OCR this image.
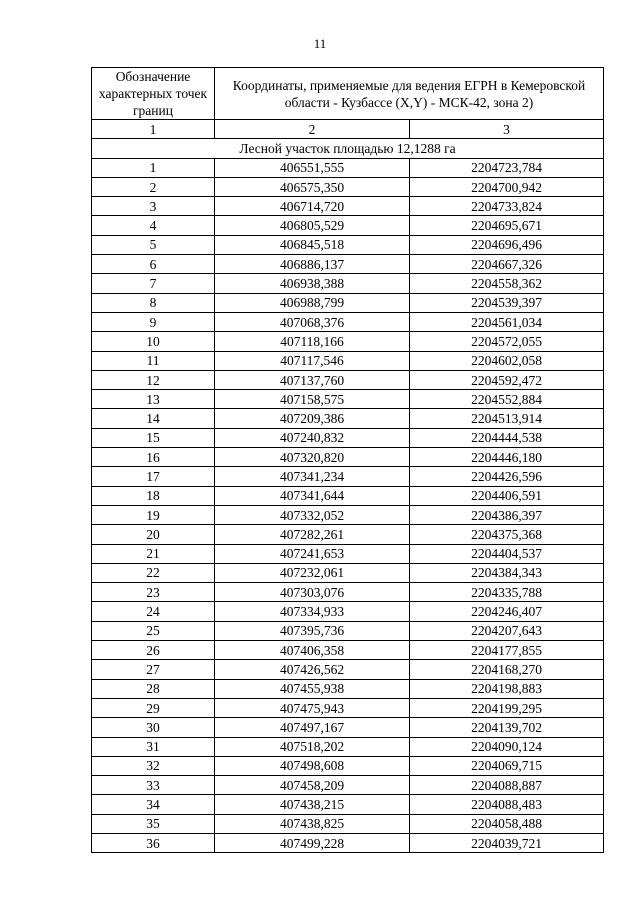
11
Обозначение характерных точек границ	Координаты, применяемые для ведения ЕГРН в Кемеровской области - Кузбассе (X,Y) - МСК-42, зона 2)	
1	2	3
Лесной участок площадью 12,1288 га		
1	406551,555	2204723,784
2	406575,350	2204700,942
3	406714,720	2204733,824
4	406805,529	2204695,671
5	406845,518	2204696,496
6	406886,137	2204667,326
7	406938,388	2204558,362
8	406988,799	2204539,397
9	407068,376	2204561,034
10	407118,166	2204572,055
11	407117,546	2204602,058
12	407137,760	2204592,472
13	407158,575	2204552,884
14	407209,386	2204513,914
15	407240,832	2204444,538
16	407320,820	2204446,180
17	407341,234	2204426,596
18	407341,644	2204406,591
19	407332,052	2204386,397
20	407282,261	2204375,368
21	407241,653	2204404,537
22	407232,061	2204384,343
23	407303,076	2204335,788
24	407334,933	2204246,407
25	407395,736	2204207,643
26	407406,358	2204177,855
27	407426,562	2204168,270
28	407455,938	2204198,883
29	407475,943	2204199,295
30	407497,167	2204139,702
31	407518,202	2204090,124
32	407498,608	2204069,715
33	407458,209	2204088,887
34	407438,215	2204088,483
35	407438,825	2204058,488
36	407499,228	2204039,721
